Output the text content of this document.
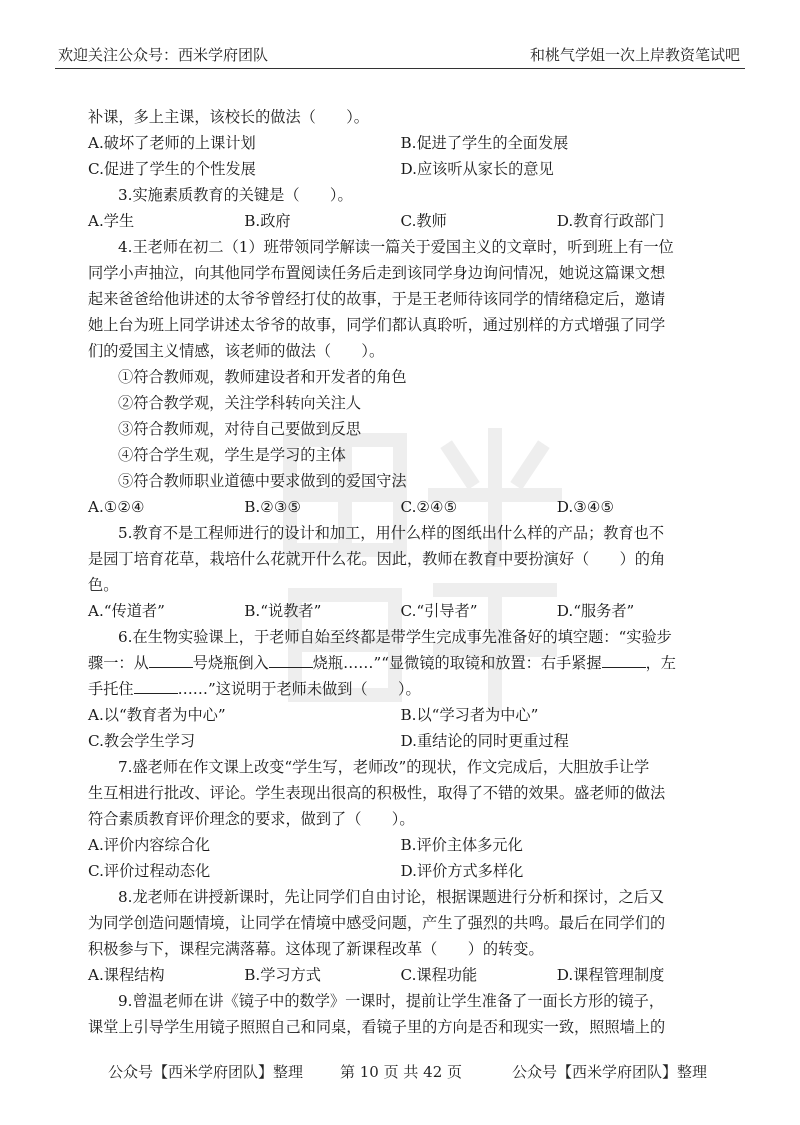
欢迎关注公众号：西米学府团队	和桃气学姐一次上岸教资笔试吧
补课，多上主课，该校长的做法（　　）。
A.破坏了老师的上课计划	B.促进了学生的全面发展
C.促进了学生的个性发展	D.应该听从家长的意见
3.实施素质教育的关键是（　　）。
A.学生	B.政府	C.教师	D.教育行政部门
4.王老师在初二（1）班带领同学解读一篇关于爱国主义的文章时，听到班上有一位
同学小声抽泣，向其他同学布置阅读任务后走到该同学身边询问情况，她说这篇课文想
起来爸爸给他讲述的太爷爷曾经打仗的故事，于是王老师待该同学的情绪稳定后，邀请
她上台为班上同学讲述太爷爷的故事，同学们都认真聆听，通过别样的方式增强了同学
们的爱国主义情感，该老师的做法（　　）。
①符合教师观，教师建设者和开发者的角色
②符合教学观，关注学科转向关注人
③符合教师观，对待自己要做到反思
④符合学生观，学生是学习的主体
⑤符合教师职业道德中要求做到的爱国守法
A.①②④	B.②③⑤	C.②④⑤	D.③④⑤
5.教育不是工程师进行的设计和加工，用什么样的图纸出什么样的产品；教育也不
是园丁培育花草，栽培什么花就开什么花。因此，教师在教育中要扮演好（　　）的角
色。
A.“传道者”	B.“说教者”	C.“引导者”	D.“服务者”
6.在生物实验课上，于老师自始至终都是带学生完成事先准备好的填空题：“实验步
骤一：从	号烧瓶倒入	烧瓶……”“显微镜的取镜和放置：右手紧握	，左
手托住	……”这说明于老师未做到（　　）。
A.以“教育者为中心”	B.以“学习者为中心”
C.教会学生学习	D.重结论的同时更重过程
7.盛老师在作文课上改变“学生写，老师改”的现状，作文完成后，大胆放手让学
生互相进行批改、评论。学生表现出很高的积极性，取得了不错的效果。盛老师的做法
符合素质教育评价理念的要求，做到了（　　）。
A.评价内容综合化	B.评价主体多元化
C.评价过程动态化	D.评价方式多样化
8.龙老师在讲授新课时，先让同学们自由讨论，根据课题进行分析和探讨，之后又
为同学创造问题情境，让同学在情境中感受问题，产生了强烈的共鸣。最后在同学们的
积极参与下，课程完满落幕。这体现了新课程改革（　　）的转变。
A.课程结构	B.学习方式	C.课程功能	D.课程管理制度
9.曾温老师在讲《镜子中的数学》一课时，提前让学生准备了一面长方形的镜子，
课堂上引导学生用镜子照照自己和同桌，看镜子里的方向是否和现实一致，照照墙上的
公众号【西米学府团队】整理 第 10 页 共 42 页	公众号【西米学府团队】整理
